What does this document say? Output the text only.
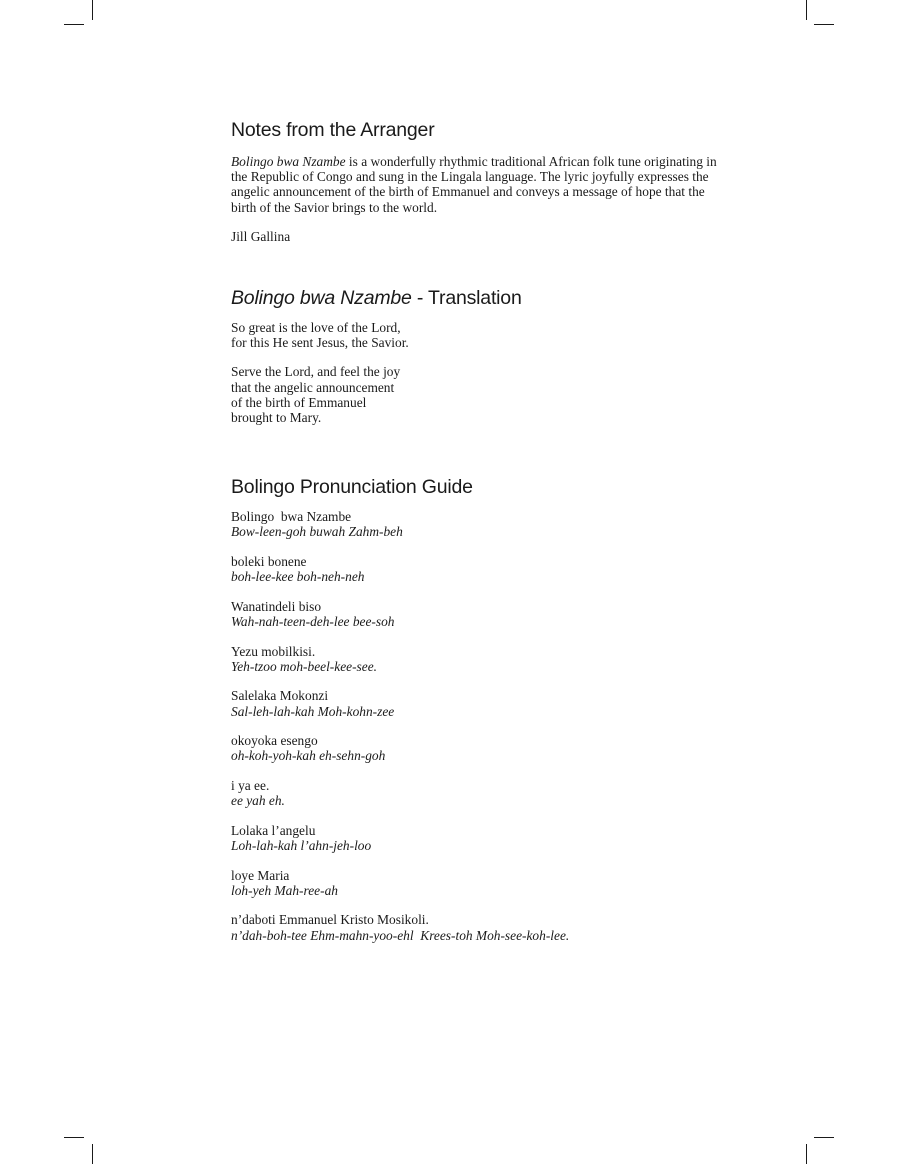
Notes from the Arranger

Bolingo bwa Nzambe is a wonderfully rhythmic traditional African folk tune originating in the Republic of Congo and sung in the Lingala language. The lyric joyfully expresses the angelic announcement of the birth of Emmanuel and conveys a message of hope that the birth of the Savior brings to the world.

Jill Gallina

Bolingo bwa Nzambe - Translation
So great is the love of the Lord,
for this He sent Jesus, the Savior.
Serve the Lord, and feel the joy
that the angelic announcement
of the birth of Emmanuel
brought to Mary.
Bolingo Pronunciation Guide
Bolingo  bwa Nzambe
Bow-leen-goh buwah Zahm-beh
boleki bonene
boh-lee-kee boh-neh-neh
Wanatindeli biso
Wah-nah-teen-deh-lee bee-soh
Yezu mobilkisi.
Yeh-tzoo moh-beel-kee-see.
Salelaka Mokonzi
Sal-leh-lah-kah Moh-kohn-zee
okoyoka esengo
oh-koh-yoh-kah eh-sehn-goh
i ya ee.
ee yah eh.
Lolaka l’angelu
Loh-lah-kah l’ahn-jeh-loo
loye Maria
loh-yeh Mah-ree-ah
n’daboti Emmanuel Kristo Mosikoli.
n’dah-boh-tee Ehm-mahn-yoo-ehl  Krees-toh Moh-see-koh-lee.
